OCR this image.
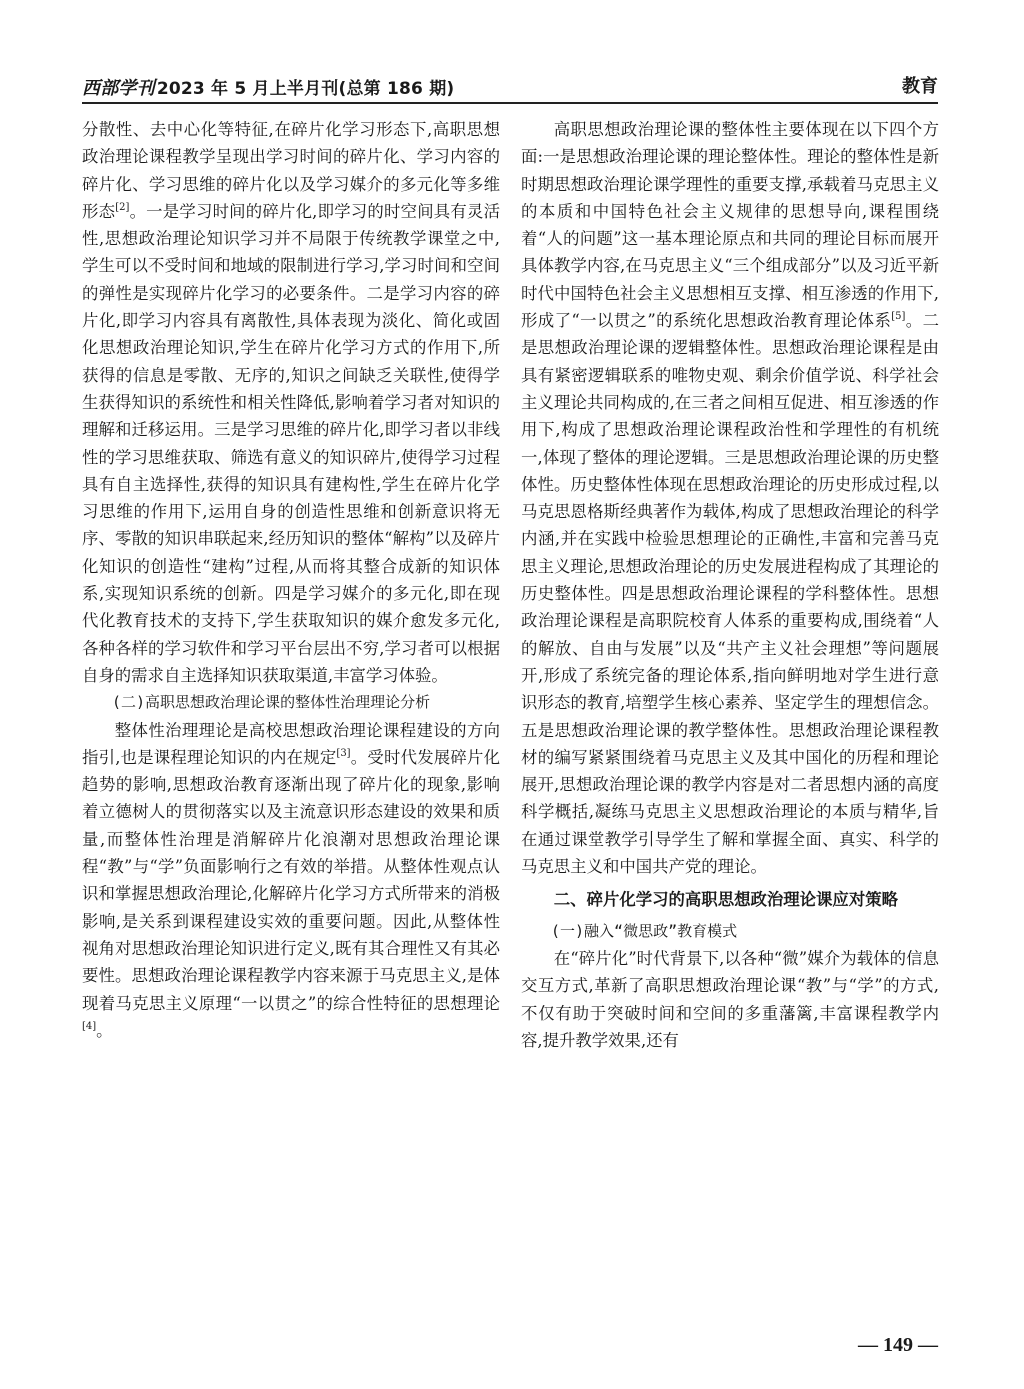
西部学刊 2023 年 5 月上半月刊(总第 186 期)	教育

分散性、去中心化等特征,在碎片化学习形态下,高职思想政治理论课程教学呈现出学习时间的碎片化、学习内容的碎片化、学习思维的碎片化以及学习媒介的多元化等多维形态[2]。一是学习时间的碎片化,即学习的时空间具有灵活性,思想政治理论知识学习并不局限于传统教学课堂之中,学生可以不受时间和地域的限制进行学习,学习时间和空间的弹性是实现碎片化学习的必要条件。二是学习内容的碎片化,即学习内容具有离散性,具体表现为淡化、简化或固化思想政治理论知识,学生在碎片化学习方式的作用下,所获得的信息是零散、无序的,知识之间缺乏关联性,使得学生获得知识的系统性和相关性降低,影响着学习者对知识的理解和迁移运用。三是学习思维的碎片化,即学习者以非线性的学习思维获取、筛选有意义的知识碎片,使得学习过程具有自主选择性,获得的知识具有建构性,学生在碎片化学习思维的作用下,运用自身的创造性思维和创新意识将无序、零散的知识串联起来,经历知识的整体“解构”以及碎片化知识的创造性“建构”过程,从而将其整合成新的知识体系,实现知识系统的创新。四是学习媒介的多元化,即在现代化教育技术的支持下,学生获取知识的媒介愈发多元化,各种各样的学习软件和学习平台层出不穷,学习者可以根据自身的需求自主选择知识获取渠道,丰富学习体验。

(二)高职思想政治理论课的整体性治理理论分析

整体性治理理论是高校思想政治理论课程建设的方向指引,也是课程理论知识的内在规定[3]。受时代发展碎片化趋势的影响,思想政治教育逐渐出现了碎片化的现象,影响着立德树人的贯彻落实以及主流意识形态建设的效果和质量,而整体性治理是消解碎片化浪潮对思想政治理论课程“教”与“学”负面影响行之有效的举措。从整体性观点认识和掌握思想政治理论,化解碎片化学习方式所带来的消极影响,是关系到课程建设实效的重要问题。因此,从整体性视角对思想政治理论知识进行定义,既有其合理性又有其必要性。思想政治理论课程教学内容来源于马克思主义,是体现着马克思主义原理“一以贯之”的综合性特征的思想理论[4]。

高职思想政治理论课的整体性主要体现在以下四个方面:一是思想政治理论课的理论整体性。理论的整体性是新时期思想政治理论课学理性的重要支撑,承载着马克思主义的本质和中国特色社会主义规律的思想导向,课程围绕着“人的问题”这一基本理论原点和共同的理论目标而展开具体教学内容,在马克思主义“三个组成部分”以及习近平新时代中国特色社会主义思想相互支撑、相互渗透的作用下,形成了“一以贯之”的系统化思想政治教育理论体系[5]。二是思想政治理论课的逻辑整体性。思想政治理论课程是由具有紧密逻辑联系的唯物史观、剩余价值学说、科学社会主义理论共同构成的,在三者之间相互促进、相互渗透的作用下,构成了思想政治理论课程政治性和学理性的有机统一,体现了整体的理论逻辑。三是思想政治理论课的历史整体性。历史整体性体现在思想政治理论的历史形成过程,以马克思恩格斯经典著作为载体,构成了思想政治理论的科学内涵,并在实践中检验思想理论的正确性,丰富和完善马克思主义理论,思想政治理论的历史发展进程构成了其理论的历史整体性。四是思想政治理论课程的学科整体性。思想政治理论课程是高职院校育人体系的重要构成,围绕着“人的解放、自由与发展”以及“共产主义社会理想”等问题展开,形成了系统完备的理论体系,指向鲜明地对学生进行意识形态的教育,培塑学生核心素养、坚定学生的理想信念。五是思想政治理论课的教学整体性。思想政治理论课程教材的编写紧紧围绕着马克思主义及其中国化的历程和理论展开,思想政治理论课的教学内容是对二者思想内涵的高度科学概括,凝练马克思主义思想政治理论的本质与精华,旨在通过课堂教学引导学生了解和掌握全面、真实、科学的马克思主义和中国共产党的理论。

二、碎片化学习的高职思想政治理论课应对策略

(一)融入“微思政”教育模式

在“碎片化”时代背景下,以各种“微”媒介为载体的信息交互方式,革新了高职思想政治理论课“教”与“学”的方式,不仅有助于突破时间和空间的多重藩篱,丰富课程教学内容,提升教学效果,还有

— 149 —
